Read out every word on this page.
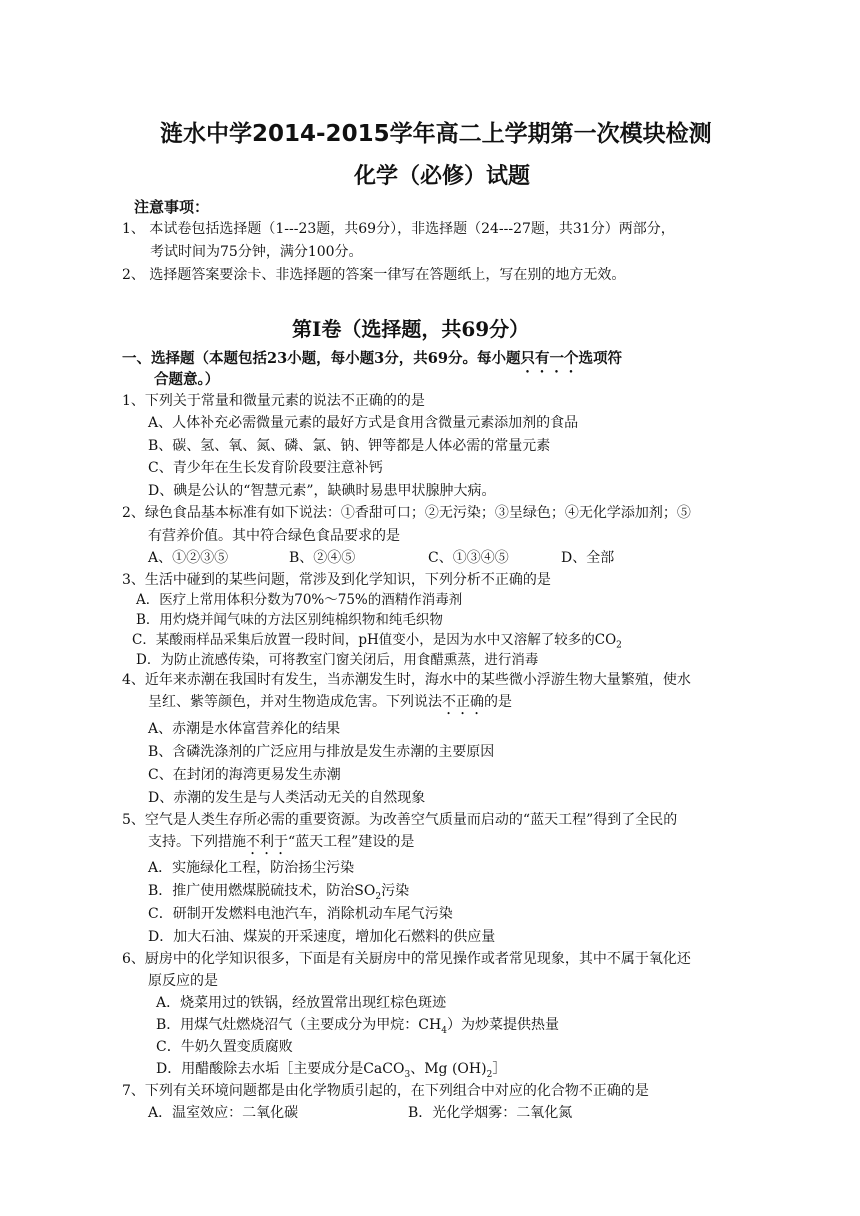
涟水中学2014-2015学年高二上学期第一次模块检测
化学（必修）试题
注意事项：
1、 本试卷包括选择题（1---23题，共69分），非选择题（24---27题，共31分）两部分，
考试时间为75分钟，满分100分。
2、 选择题答案要涂卡、非选择题的答案一律写在答题纸上，写在别的地方无效。
第I卷（选择题，共69分）
一、选择题（本题包括23小题，每小题3分，共69分。每小题只有一个选项符
合题意。）
1、下列关于常量和微量元素的说法不正确的的是
A、人体补充必需微量元素的最好方式是食用含微量元素添加剂的食品
B、碳、氢、氧、氮、磷、氯、钠、钾等都是人体必需的常量元素
C、青少年在生长发育阶段要注意补钙
D、碘是公认的“智慧元素”，缺碘时易患甲状腺肿大病。
2、绿色食品基本标准有如下说法：①香甜可口；②无污染；③呈绿色；④无化学添加剂；⑤
有营养价值。其中符合绿色食品要求的是
A、①②③⑤	B、②④⑤	C、①③④⑤	D、全部
3、生活中碰到的某些问题，常涉及到化学知识，下列分析不正确的是
A．医疗上常用体积分数为70%～75%的酒精作消毒剂
B．用灼烧并闻气味的方法区别纯棉织物和纯毛织物
C．某酸雨样品采集后放置一段时间，pH值变小，是因为水中又溶解了较多的$CO_2$
D．为防止流感传染，可将教室门窗关闭后，用食醋熏蒸，进行消毒
4、近年来赤潮在我国时有发生，当赤潮发生时，海水中的某些微小浮游生物大量繁殖，使水
呈红、紫等颜色，并对生物造成危害。下列说法不正确的是
A、赤潮是水体富营养化的结果
B、含磷洗涤剂的广泛应用与排放是发生赤潮的主要原因
C、在封闭的海湾更易发生赤潮
D、赤潮的发生是与人类活动无关的自然现象
5、空气是人类生存所必需的重要资源。为改善空气质量而启动的“蓝天工程”得到了全民的
支持。下列措施不利于“蓝天工程”建设的是
A．实施绿化工程，防治扬尘污染
B．推广使用燃煤脱硫技术，防治$SO_2$污染
C．研制开发燃料电池汽车，消除机动车尾气污染
D．加大石油、煤炭的开采速度，增加化石燃料的供应量
6、厨房中的化学知识很多，下面是有关厨房中的常见操作或者常见现象，其中不属于氧化还
原反应的是
A．烧菜用过的铁锅，经放置常出现红棕色斑迹
B．用煤气灶燃烧沼气（主要成分为甲烷：$CH_4$）为炒菜提供热量
C．牛奶久置变质腐败
D．用醋酸除去水垢［主要成分是CaCO$_3$、Mg $(OH)_2]$
7、下列有关环境问题都是由化学物质引起的，在下列组合中对应的化合物不正确的是
A．温室效应：二氧化碳	B．光化学烟雾：二氧化氮
